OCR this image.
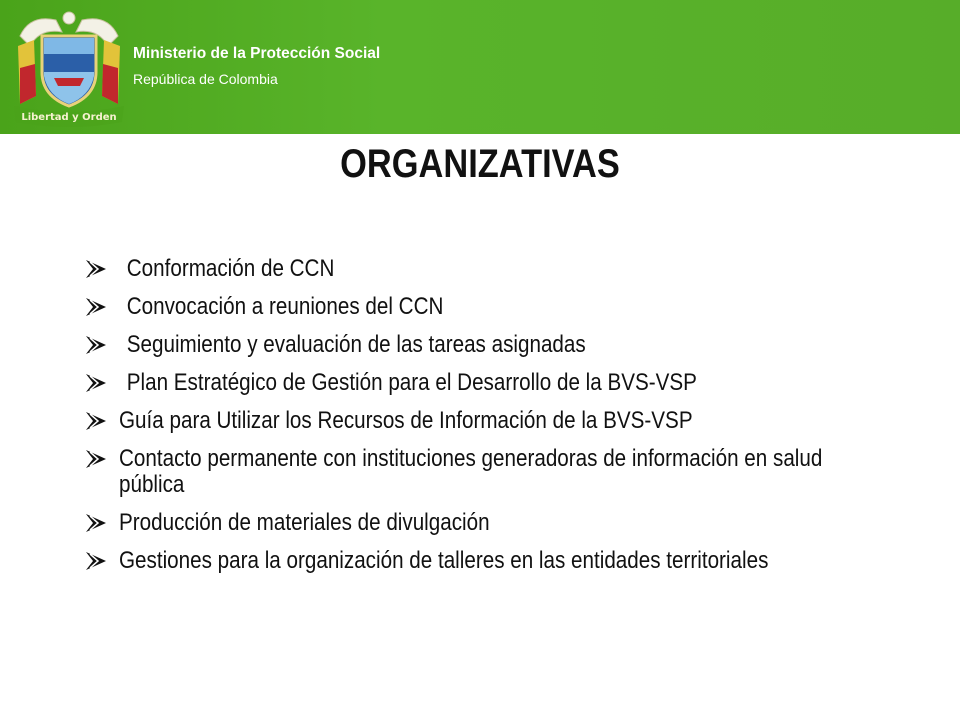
Libertad y Orden
Ministerio de la Protección Social
República de Colombia
ORGANIZATIVAS
Conformación de CCN
Convocación a reuniones del CCN
Seguimiento y evaluación de las tareas asignadas
Plan Estratégico de Gestión para el Desarrollo de la BVS-VSP
Guía para Utilizar los Recursos de Información de la BVS-VSP
Contacto permanente con instituciones generadoras de información en salud pública
Producción de materiales de divulgación
Gestiones para la organización de talleres en las entidades territoriales
